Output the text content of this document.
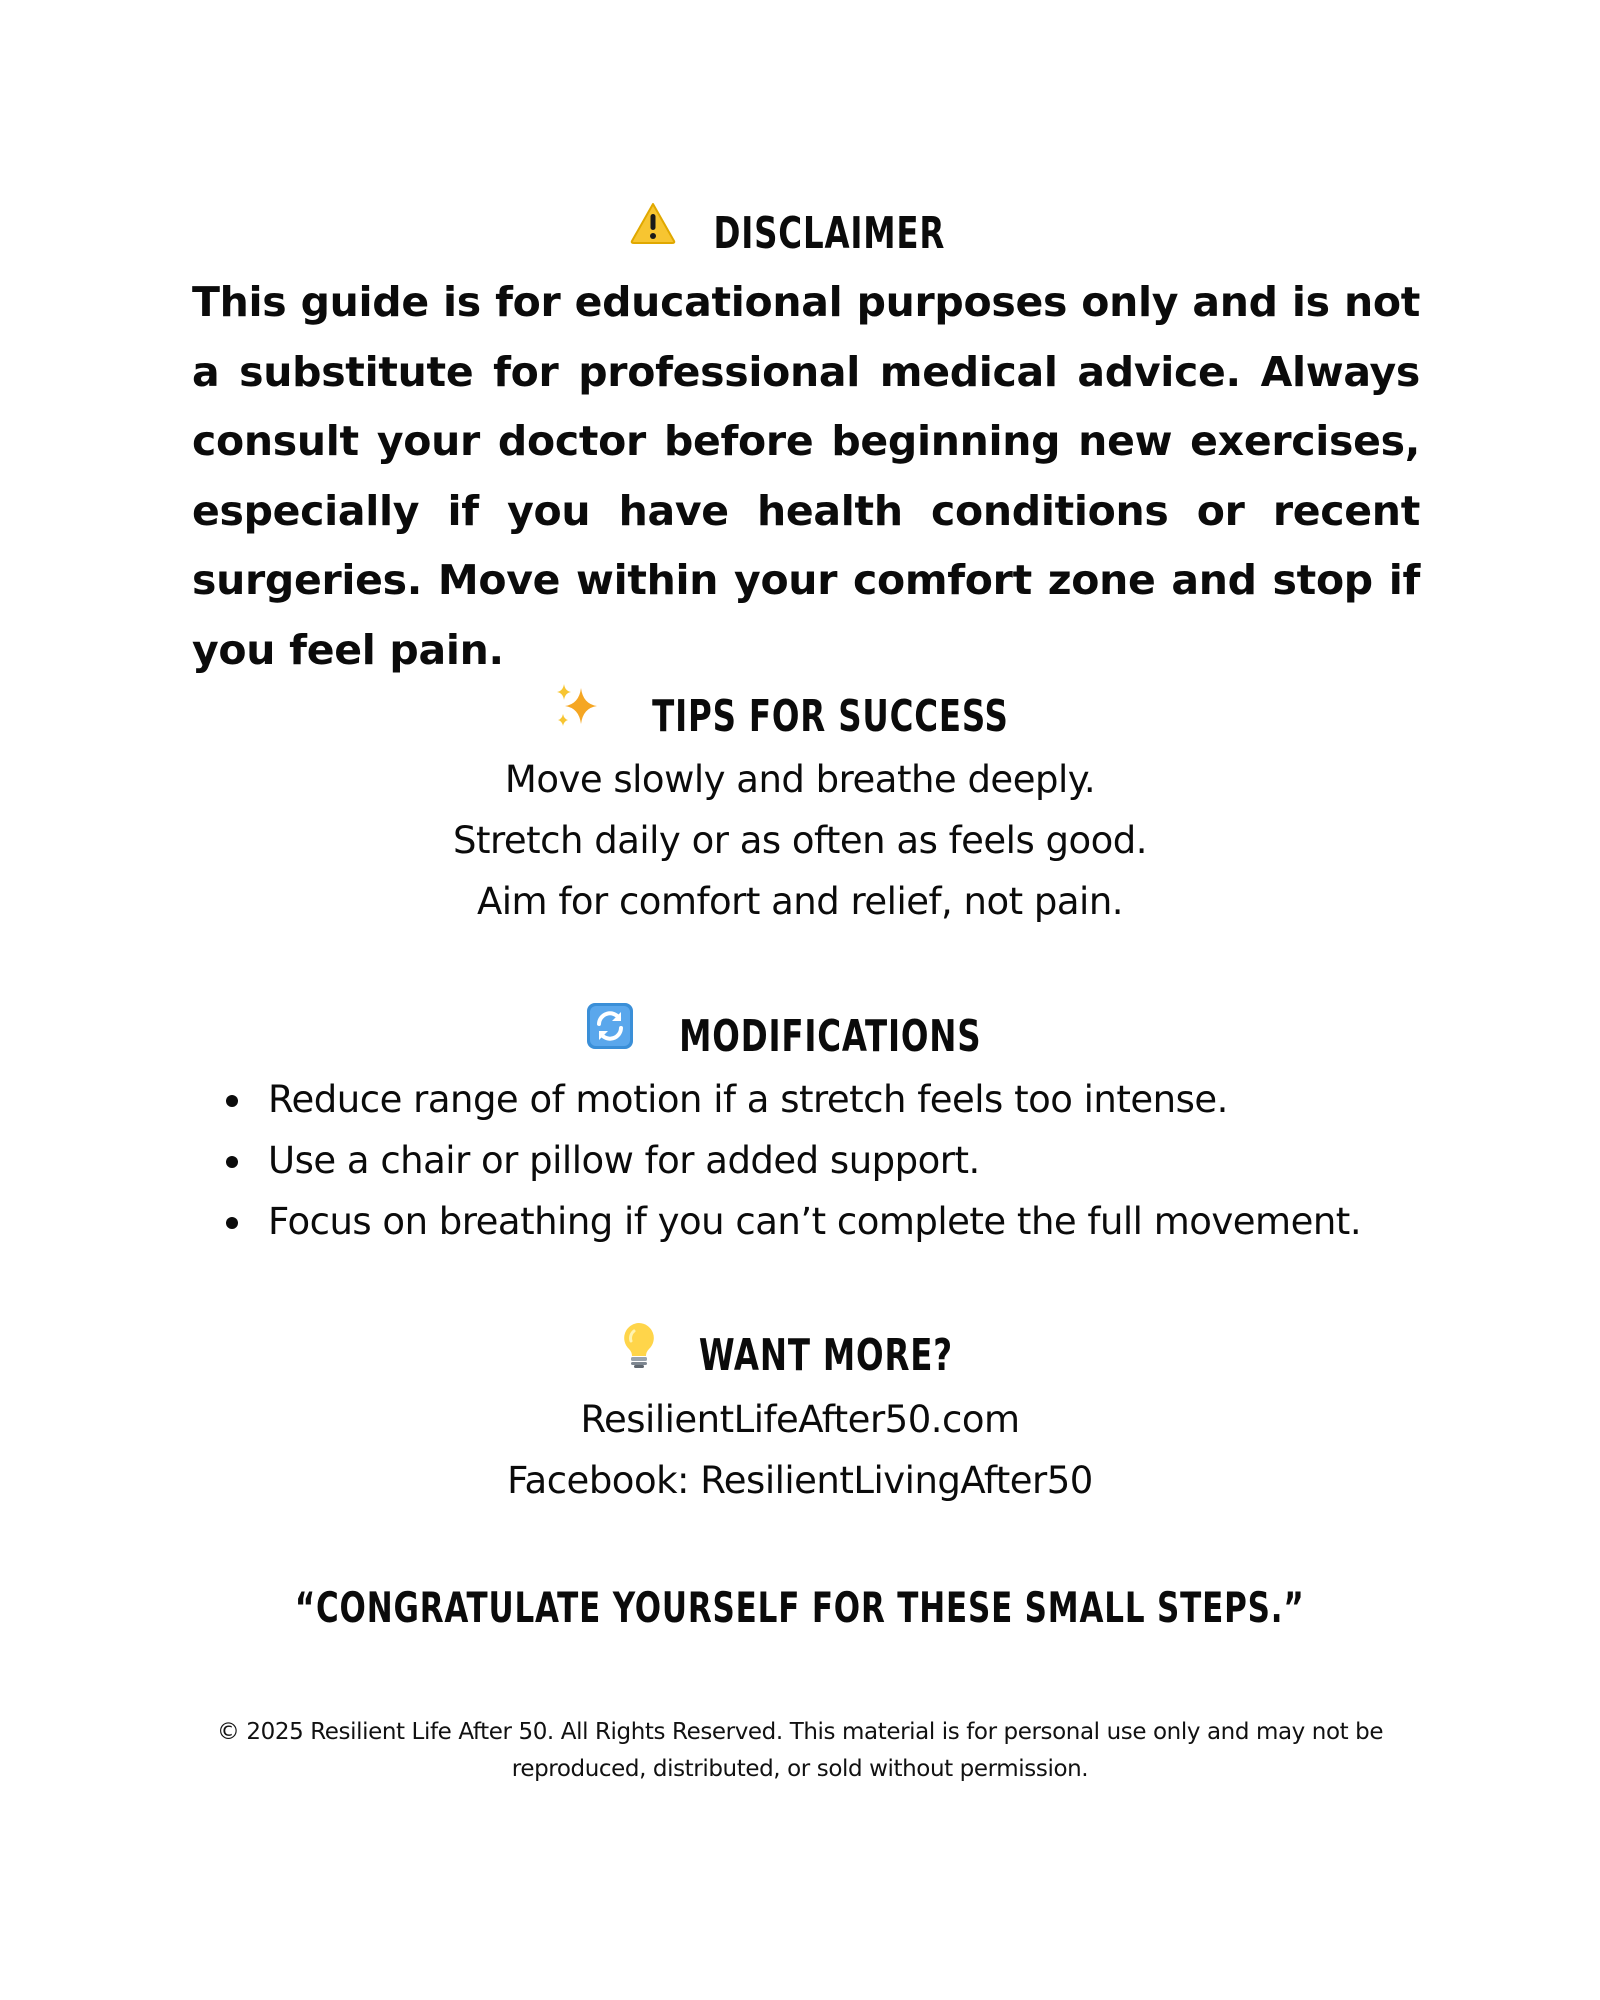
DISCLAIMER
This guide is for educational purposes only and is not a substitute for professional medical advice. Always consult your doctor before beginning new exercises, especially if you have health conditions or recent surgeries. Move within your comfort zone and stop if you feel pain.
TIPS FOR SUCCESS
Move slowly and breathe deeply.
Stretch daily or as often as feels good.
Aim for comfort and relief, not pain.
MODIFICATIONS
Reduce range of motion if a stretch feels too intense.
Use a chair or pillow for added support.
Focus on breathing if you can’t complete the full movement.
WANT MORE?
ResilientLifeAfter50.com
Facebook: ResilientLivingAfter50
“CONGRATULATE YOURSELF FOR THESE SMALL STEPS.”
© 2025 Resilient Life After 50. All Rights Reserved. This material is for personal use only and may not be
reproduced, distributed, or sold without permission.
